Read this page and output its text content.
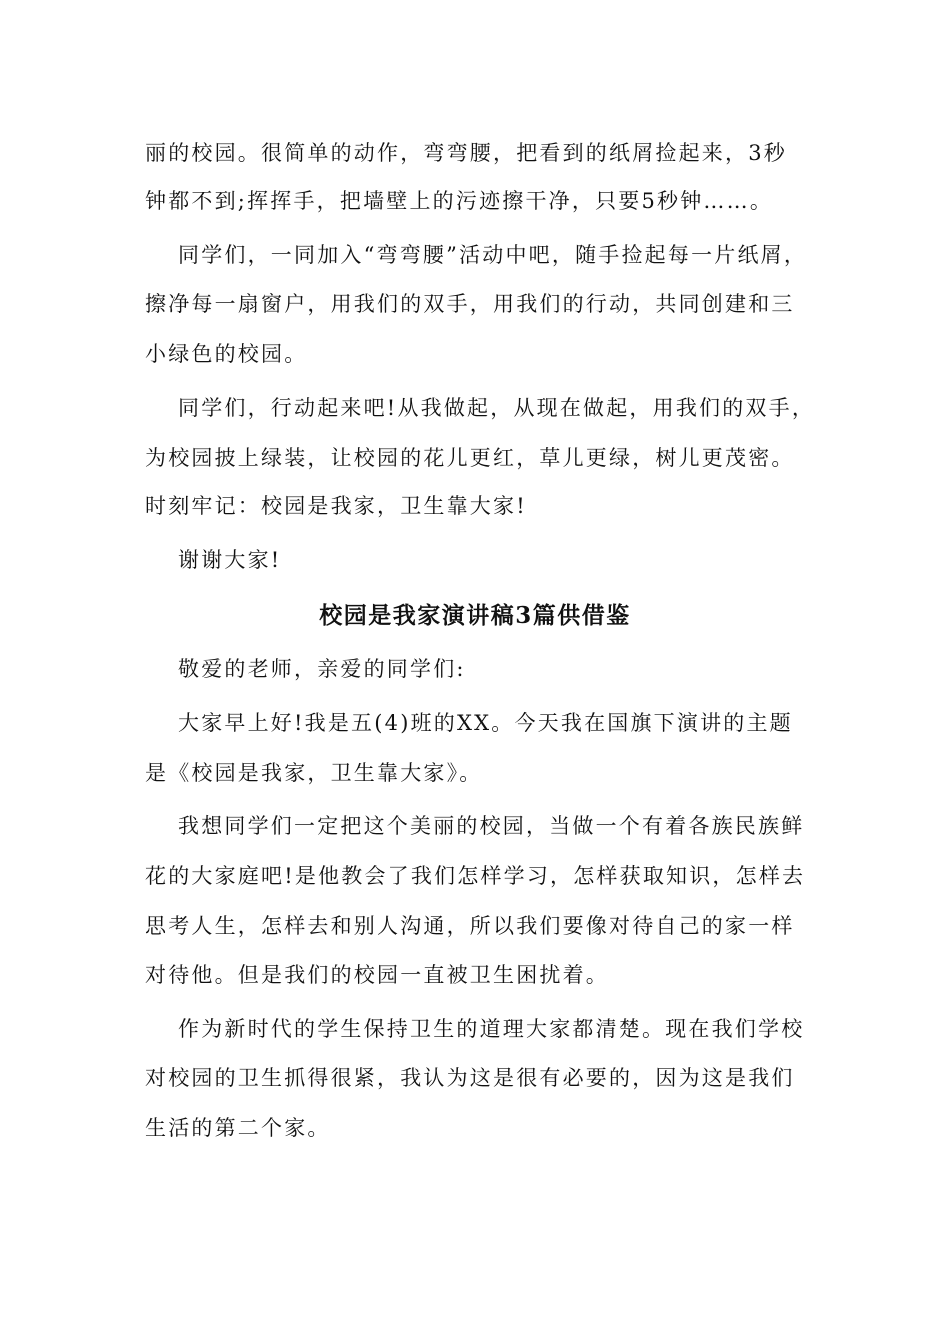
丽的校园。很简单的动作，弯弯腰，把看到的纸屑捡起来，3秒
钟都不到;挥挥手，把墙壁上的污迹擦干净，只要5秒钟……。
同学们，一同加入“弯弯腰”活动中吧，随手捡起每一片纸屑，
擦净每一扇窗户，用我们的双手，用我们的行动，共同创建和三
小绿色的校园。
同学们，行动起来吧!从我做起，从现在做起，用我们的双手，
为校园披上绿装，让校园的花儿更红，草儿更绿，树儿更茂密。
时刻牢记：校园是我家，卫生靠大家!
谢谢大家!
校园是我家演讲稿3篇供借鉴
敬爱的老师，亲爱的同学们:
大家早上好!我是五(4)班的XX。今天我在国旗下演讲的主题
是《校园是我家，卫生靠大家》。
我想同学们一定把这个美丽的校园，当做一个有着各族民族鲜
花的大家庭吧!是他教会了我们怎样学习，怎样获取知识，怎样去
思考人生，怎样去和别人沟通，所以我们要像对待自己的家一样
对待他。但是我们的校园一直被卫生困扰着。
作为新时代的学生保持卫生的道理大家都清楚。现在我们学校
对校园的卫生抓得很紧，我认为这是很有必要的，因为这是我们
生活的第二个家。
